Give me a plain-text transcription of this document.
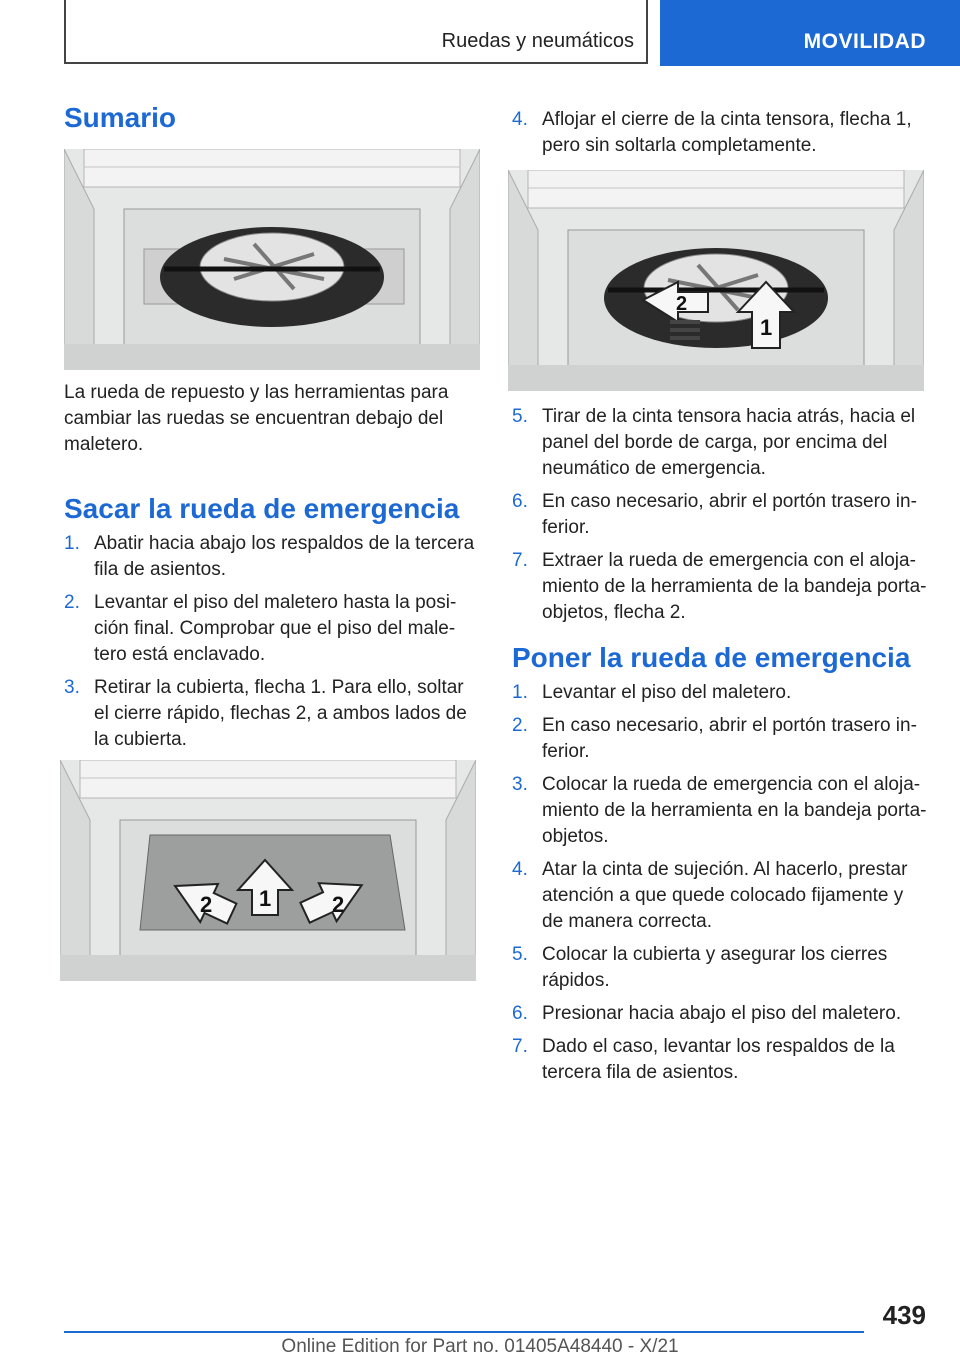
Ruedas y neumáticos	MOVILIDAD
Sumario

La rueda de repuesto y las herramientas para cambiar las ruedas se encuentran debajo del maletero.

Sacar la rueda de emergencia
1. Abatir hacia abajo los respaldos de la tercera fila de asientos.
2. Levantar el piso del maletero hasta la posición final. Comprobar que el piso del maletero está enclavado.
3. Retirar la cubierta, flecha 1. Para ello, soltar el cierre rápido, flechas 2, a ambos lados de la cubierta.
2 1	2
4. Aflojar el cierre de la cinta tensora, flecha 1, pero sin soltarla completamente.
2
1
5. Tirar de la cinta tensora hacia atrás, hacia el panel del borde de carga, por encima del neumático de emergencia.
6. En caso necesario, abrir el portón trasero inferior.
7. Extraer la rueda de emergencia con el alojamiento de la herramienta de la bandeja portaobjetos, flecha 2.
Poner la rueda de emergencia
1. Levantar el piso del maletero.
2. En caso necesario, abrir el portón trasero inferior.
3. Colocar la rueda de emergencia con el alojamiento de la herramienta en la bandeja portaobjetos.
4. Atar la cinta de sujeción. Al hacerlo, prestar atención a que quede colocado fijamente y de manera correcta.
5. Colocar la cubierta y asegurar los cierres rápidos.
6. Presionar hacia abajo el piso del maletero.
7. Dado el caso, levantar los respaldos de la tercera fila de asientos.
439
Online Edition for Part no. 01405A48440 - X/21
